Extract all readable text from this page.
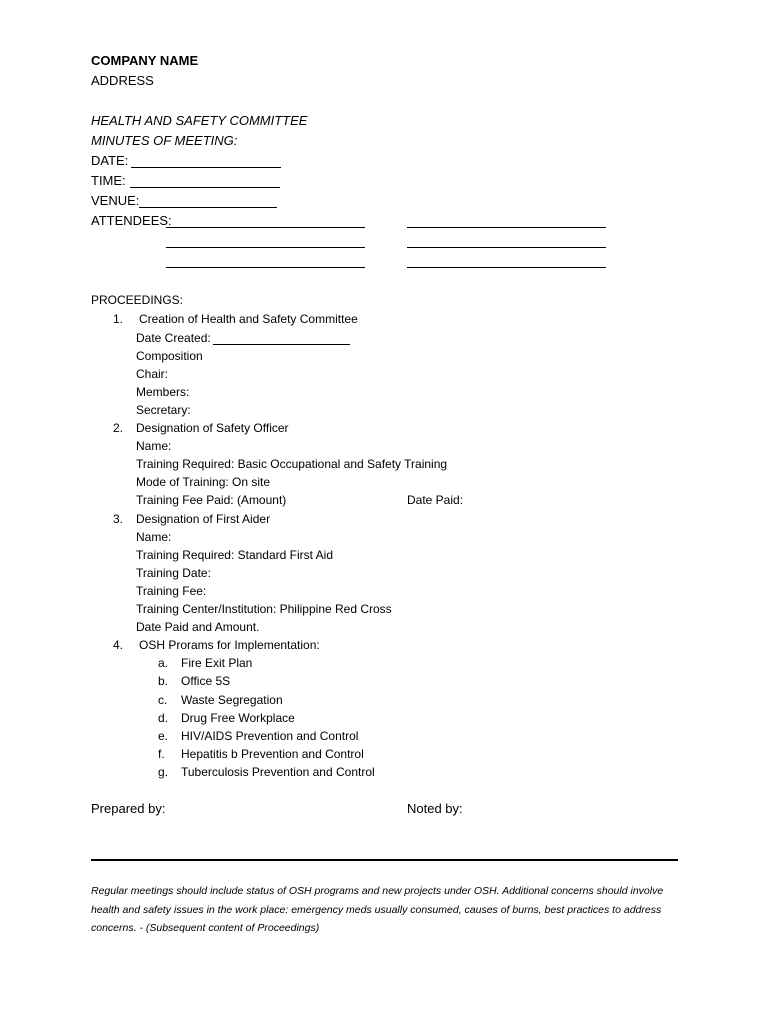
COMPANY NAME
ADDRESS
HEALTH AND SAFETY COMMITTEE
MINUTES OF MEETING:
DATE:
TIME:
VENUE:
ATTENDEES:
PROCEEDINGS:
1. Creation of Health and Safety Committee
Date Created:
Composition
Chair:
Members:
Secretary:
2. Designation of Safety Officer
Name:
Training Required: Basic Occupational and Safety Training
Mode of Training: On site
Training Fee Paid: (Amount)	Date Paid:
3. Designation of First Aider
Name:
Training Required: Standard First Aid
Training Date:
Training Fee:
Training Center/Institution: Philippine Red Cross
Date Paid and Amount.
4. OSH Prorams for Implementation:
a. Fire Exit Plan
b. Office 5S
c. Waste Segregation
d. Drug Free Workplace
e. HIV/AIDS Prevention and Control
f. Hepatitis b Prevention and Control
g. Tuberculosis Prevention and Control
Prepared by:	Noted by:
Regular meetings should include status of OSH programs and new projects under OSH. Additional concerns should involve health and safety issues in the work place: emergency meds usually consumed, causes of burns, best practices to address concerns. - (Subsequent content of Proceedings)
